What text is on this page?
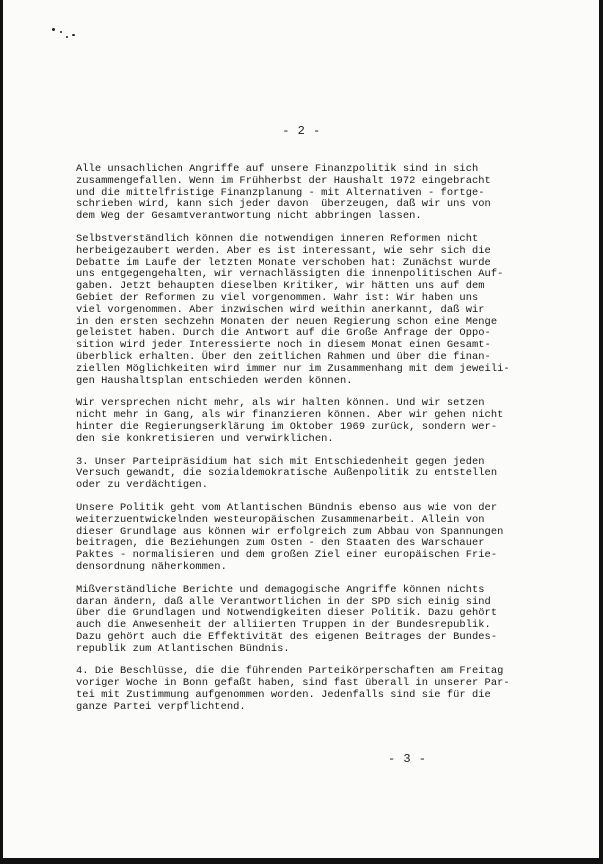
- 2 -

Alle unsachlichen Angriffe auf unsere Finanzpolitik sind in sich
zusammengefallen. Wenn im Frühherbst der Haushalt 1972 eingebracht
und die mittelfristige Finanzplanung - mit Alternativen - fortge-
schrieben wird, kann sich jeder davon  überzeugen, daß wir uns von
dem Weg der Gesamtverantwortung nicht abbringen lassen.

Selbstverständlich können die notwendigen inneren Reformen nicht
herbeigezaubert werden. Aber es ist interessant, wie sehr sich die
Debatte im Laufe der letzten Monate verschoben hat: Zunächst wurde
uns entgegengehalten, wir vernachlässigten die innenpolitischen Auf-
gaben. Jetzt behaupten dieselben Kritiker, wir hätten uns auf dem
Gebiet der Reformen zu viel vorgenommen. Wahr ist: Wir haben uns
viel vorgenommen. Aber inzwischen wird weithin anerkannt, daß wir
in den ersten sechzehn Monaten der neuen Regierung schon eine Menge
geleistet haben. Durch die Antwort auf die Große Anfrage der Oppo-
sition wird jeder Interessierte noch in diesem Monat einen Gesamt-
überblick erhalten. Über den zeitlichen Rahmen und über die finan-
ziellen Möglichkeiten wird immer nur im Zusammenhang mit dem jeweili-
gen Haushaltsplan entschieden werden können.

Wir versprechen nicht mehr, als wir halten können. Und wir setzen
nicht mehr in Gang, als wir finanzieren können. Aber wir gehen nicht
hinter die Regierungserklärung im Oktober 1969 zurück, sondern wer-
den sie konkretisieren und verwirklichen.

3. Unser Parteipräsidium hat sich mit Entschiedenheit gegen jeden
Versuch gewandt, die sozialdemokratische Außenpolitik zu entstellen
oder zu verdächtigen.

Unsere Politik geht vom Atlantischen Bündnis ebenso aus wie von der
weiterzuentwickelnden westeuropäischen Zusammenarbeit. Allein von
dieser Grundlage aus können wir erfolgreich zum Abbau von Spannungen
beitragen, die Beziehungen zum Osten - den Staaten des Warschauer
Paktes - normalisieren und dem großen Ziel einer europäischen Frie-
densordnung näherkommen.

Mißverständliche Berichte und demagogische Angriffe können nichts
daran ändern, daß alle Verantwortlichen in der SPD sich einig sind
über die Grundlagen und Notwendigkeiten dieser Politik. Dazu gehört
auch die Anwesenheit der alliierten Truppen in der Bundesrepublik.
Dazu gehört auch die Effektivität des eigenen Beitrages der Bundes-
republik zum Atlantischen Bündnis.

4. Die Beschlüsse, die die führenden Parteikörperschaften am Freitag
voriger Woche in Bonn gefaßt haben, sind fast überall in unserer Par-
tei mit Zustimmung aufgenommen worden. Jedenfalls sind sie für die
ganze Partei verpflichtend.

- 3 -
